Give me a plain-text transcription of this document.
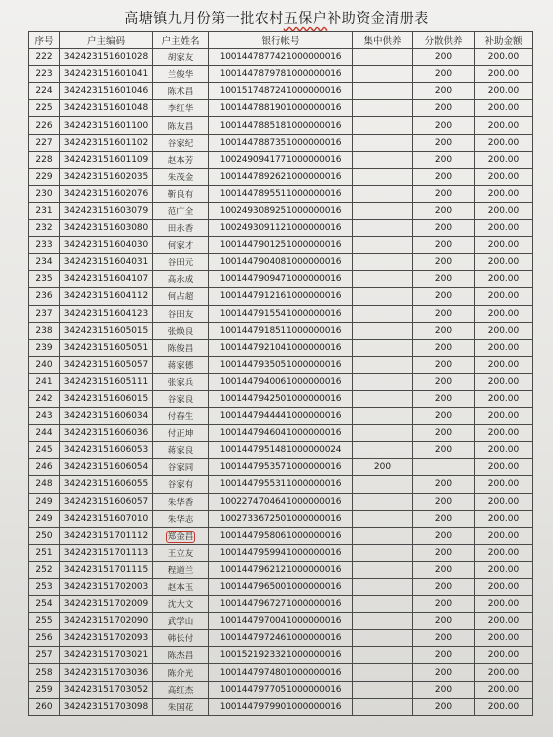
高塘镇九月份第一批农村五保户补助资金清册表
序号	户主编码	户主姓名	银行帐号	集中供养	分散供养	补助金额
222	342423151601028	胡家友	1001447877421000000016		200	200.00
223	342423151601041	兰俊华	1001447879781000000016		200	200.00
224	342423151601046	陈术昌	1001517487241000000016		200	200.00
225	342423151601048	李红华	1001447881901000000016		200	200.00
226	342423151601100	陈友昌	1001447885181000000016		200	200.00
227	342423151601102	谷家纪	1001447887351000000016		200	200.00
228	342423151601109	赵本芳	1002490941771000000016		200	200.00
229	342423151602035	朱茂金	1001447892621000000016		200	200.00
230	342423151602076	靳良有	1001447895511000000016		200	200.00
231	342423151603079	范广全	1002493089251000000016		200	200.00
232	342423151603080	田永香	1002493091121000000016		200	200.00
233	342423151604030	何家才	1001447901251000000016		200	200.00
234	342423151604031	谷田元	1001447904081000000016		200	200.00
235	342423151604107	高永成	1001447909471000000016		200	200.00
236	342423151604112	何占超	1001447912161000000016		200	200.00
237	342423151604123	谷田友	1001447915541000000016		200	200.00
238	342423151605015	张焕良	1001447918511000000016		200	200.00
239	342423151605051	陈俊昌	1001447921041000000016		200	200.00
240	342423151605057	蒋家德	1001447935051000000016		200	200.00
241	342423151605111	张家兵	1001447940061000000016		200	200.00
242	342423151606015	谷家良	1001447942501000000016		200	200.00
243	342423151606034	付春生	1001447944441000000016		200	200.00
244	342423151606036	付正坤	1001447946041000000016		200	200.00
245	342423151606053	蒋家良	1001447951481000000024		200	200.00
246	342423151606054	谷家同	1001447953571000000016	200		200.00
248	342423151606055	谷家有	1001447955311000000016		200	200.00
249	342423151606057	朱华香	1002274704641000000016		200	200.00
249	342423151607010	朱华志	1002733672501000000016		200	200.00
250	342423151701112	郑金昌	1001447958061000000016		200	200.00
251	342423151701113	王立友	1001447959941000000016		200	200.00
252	342423151701115	程道兰	1001447962121000000016		200	200.00
253	342423151702003	赵本玉	1001447965001000000016		200	200.00
254	342423151702009	沈大文	1001447967271000000016		200	200.00
255	342423151702090	武学山	1001447970041000000016		200	200.00
256	342423151702093	韩长付	1001447972461000000016		200	200.00
257	342423151703021	陈杰昌	1001521923321000000016		200	200.00
258	342423151703036	陈介光	1001447974801000000016		200	200.00
259	342423151703052	高红杰	1001447977051000000016		200	200.00
260	342423151703098	朱国花	1001447979901000000016		200	200.00
